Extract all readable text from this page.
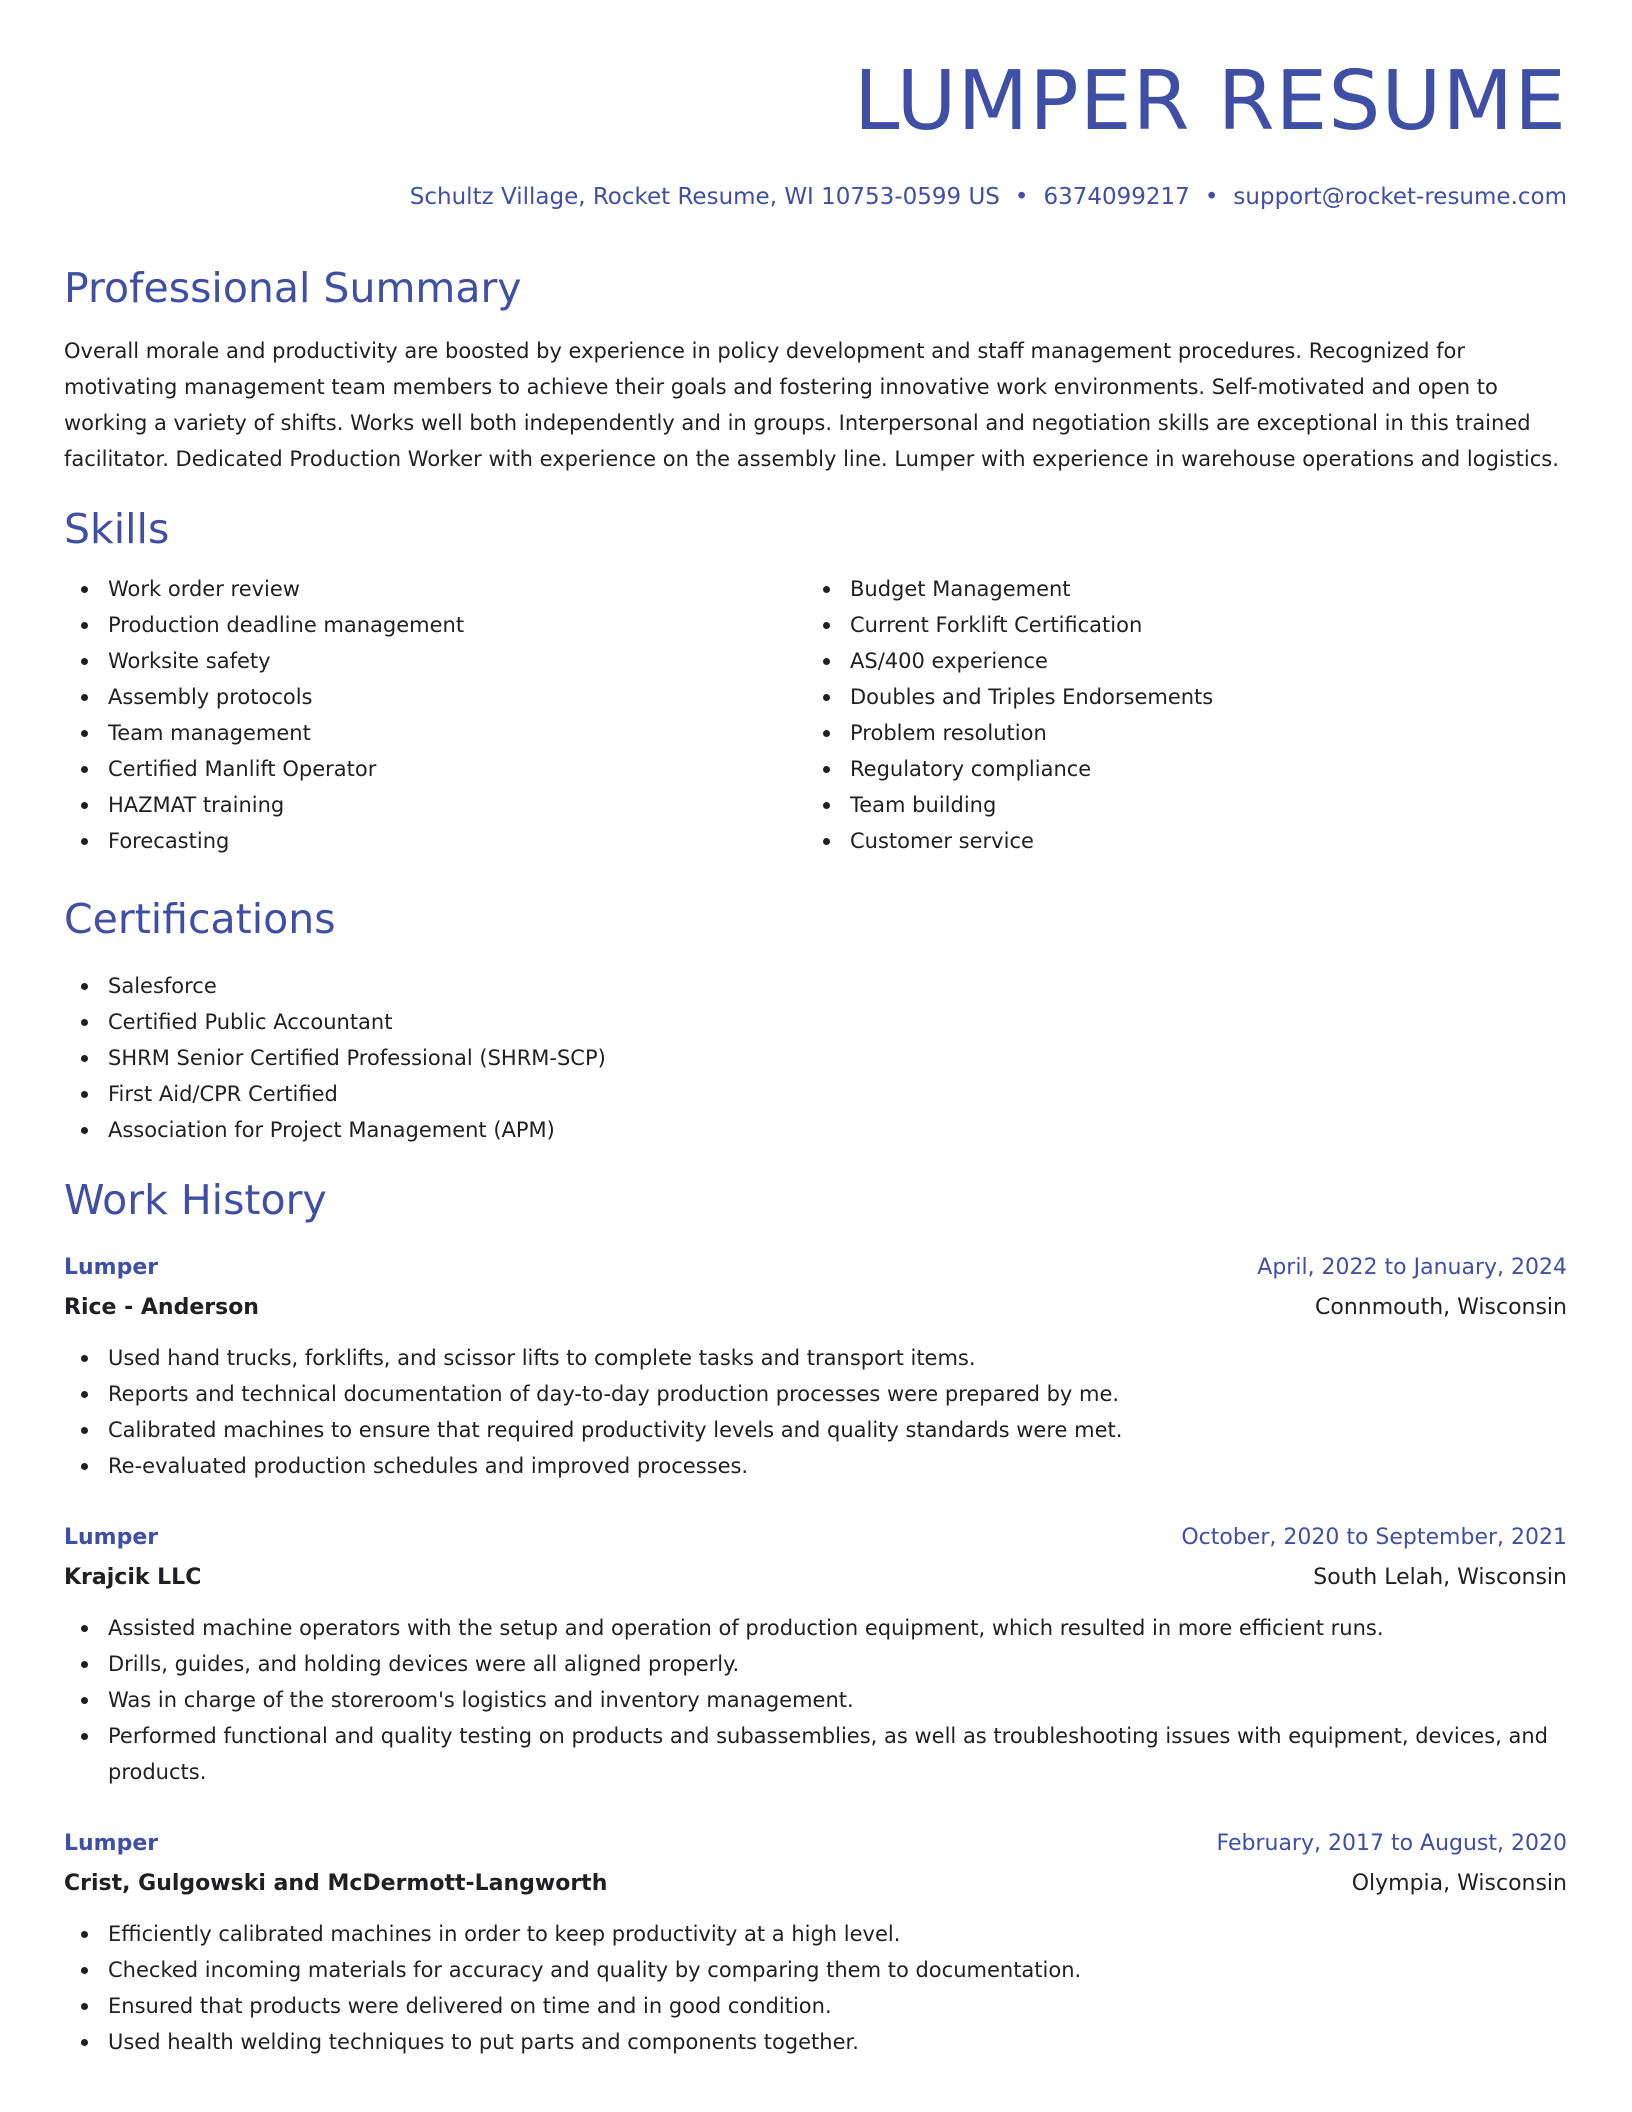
LUMPER RESUME
Schultz Village, Rocket Resume, WI 10753-0599 US • 6374099217 • support@rocket-resume.com
Professional Summary

Overall morale and productivity are boosted by experience in policy development and staff management procedures. Recognized for motivating management team members to achieve their goals and fostering innovative work environments. Self-motivated and open to working a variety of shifts. Works well both independently and in groups. Interpersonal and negotiation skills are exceptional in this trained facilitator. Dedicated Production Worker with experience on the assembly line. Lumper with experience in warehouse operations and logistics.

Skills
Work order review
Production deadline management
Worksite safety
Assembly protocols
Team management
Certified Manlift Operator
HAZMAT training
Forecasting
Budget Management
Current Forklift Certification
AS/400 experience
Doubles and Triples Endorsements
Problem resolution
Regulatory compliance
Team building
Customer service
Certifications
Salesforce
Certified Public Accountant
SHRM Senior Certified Professional (SHRM-SCP)
First Aid/CPR Certified
Association for Project Management (APM)
Work History
Lumper	April, 2022 to January, 2024
Rice - Anderson	Connmouth, Wisconsin
Used hand trucks, forklifts, and scissor lifts to complete tasks and transport items.
Reports and technical documentation of day-to-day production processes were prepared by me.
Calibrated machines to ensure that required productivity levels and quality standards were met.
Re-evaluated production schedules and improved processes.
Lumper	October, 2020 to September, 2021
Krajcik LLC	South Lelah, Wisconsin
Assisted machine operators with the setup and operation of production equipment, which resulted in more efficient runs.
Drills, guides, and holding devices were all aligned properly.
Was in charge of the storeroom's logistics and inventory management.
Performed functional and quality testing on products and subassemblies, as well as troubleshooting issues with equipment, devices, and products.
Lumper	February, 2017 to August, 2020
Crist, Gulgowski and McDermott-Langworth	Olympia, Wisconsin
Efficiently calibrated machines in order to keep productivity at a high level.
Checked incoming materials for accuracy and quality by comparing them to documentation.
Ensured that products were delivered on time and in good condition.
Used health welding techniques to put parts and components together.
